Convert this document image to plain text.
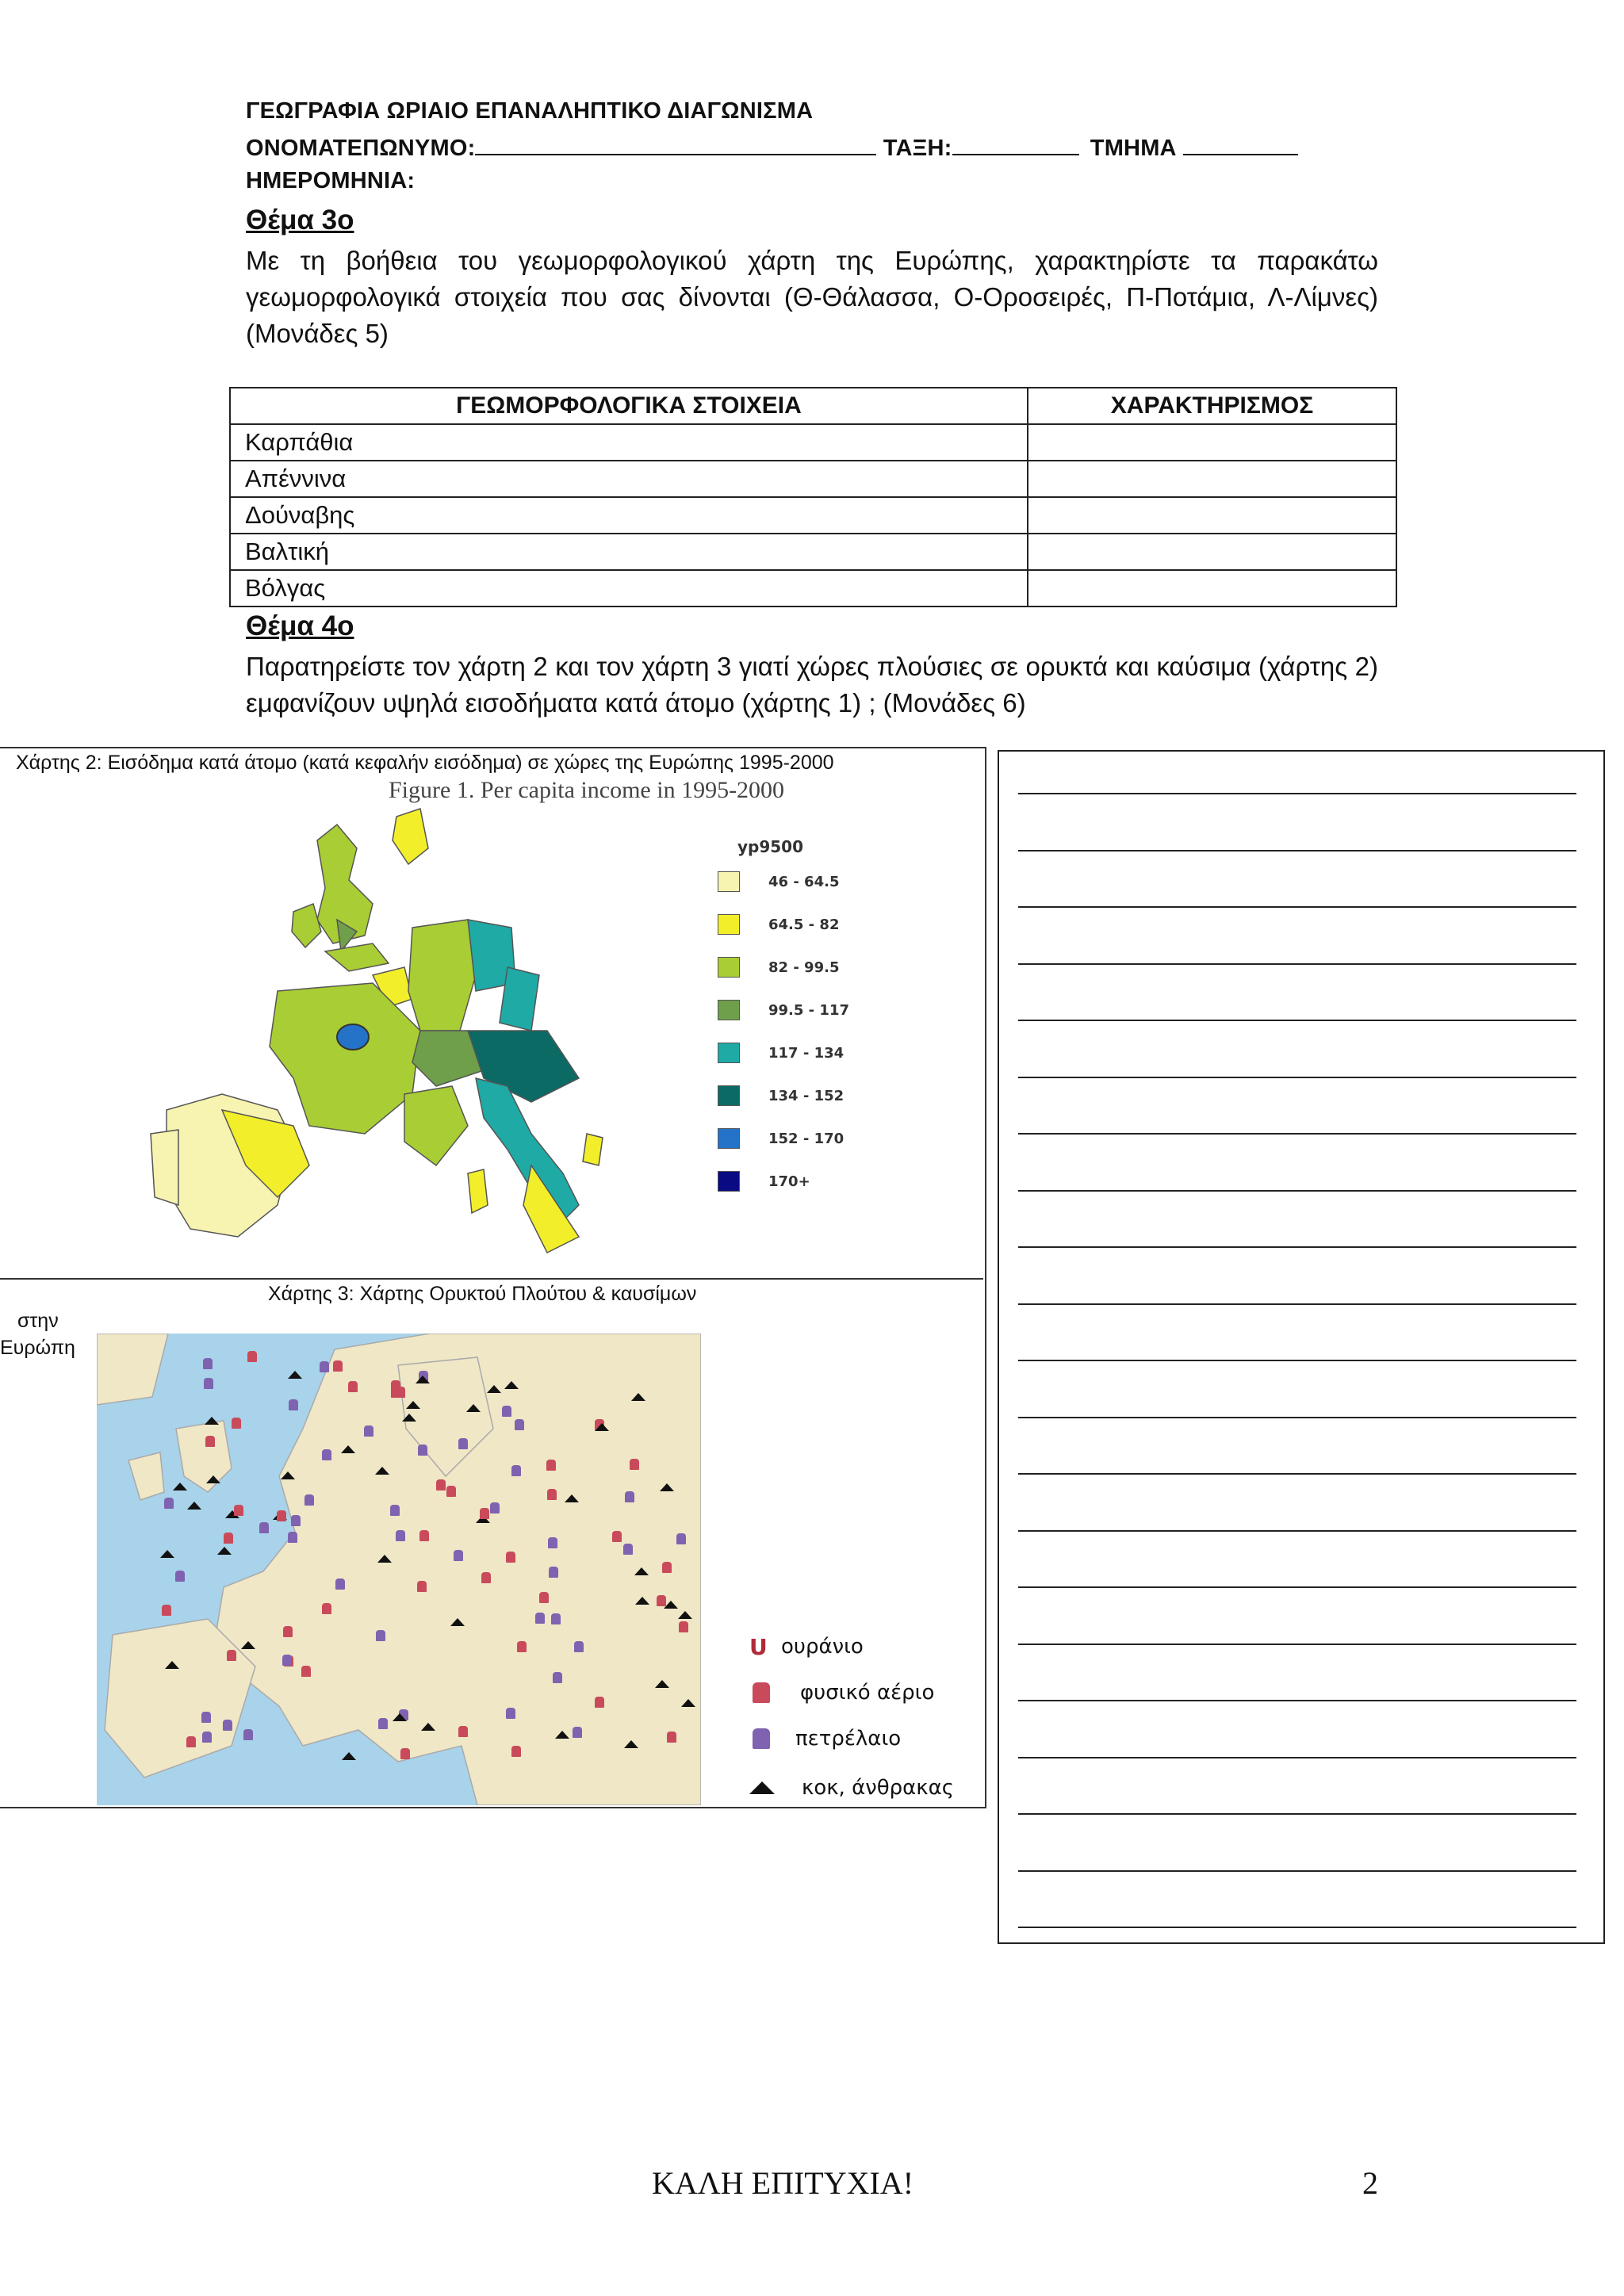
ΓΕΩΓΡΑΦΙΑ ΩΡΙΑΙΟ ΕΠΑΝΑΛΗΠΤΙΚΟ ΔΙΑΓΩΝΙΣΜΑ
ΟΝΟΜΑΤΕΠΩΝΥΜΟ:	ΤΑΞΗ:	ΤΜΗΜΑ
ΗΜΕΡΟΜΗΝΙΑ:
Θέμα 3ο
Με τη βοήθεια του γεωμορφολογικού χάρτη της Ευρώπης, χαρακτηρίστε τα παρακάτω γεωμορφολογικά στοιχεία που σας δίνονται (Θ-Θάλασσα, Ο-Οροσειρές, Π-Ποτάμια, Λ-Λίμνες) (Μονάδες 5)
ΓΕΩΜΟΡΦΟΛΟΓΙΚΑ ΣΤΟΙΧΕΙΑ	ΧΑΡΑΚΤΗΡΙΣΜΟΣ
Καρπάθια	
Απέννινα	
Δούναβης	
Βαλτική	
Βόλγας	
Θέμα 4ο
Παρατηρείστε τον χάρτη 2 και τον χάρτη 3 γιατί χώρες πλούσιες σε ορυκτά και καύσιμα (χάρτης 2) εμφανίζουν υψηλά εισοδήματα κατά άτομο (χάρτης 1) ; (Μονάδες 6)
Χάρτης 2: Εισόδημα κατά άτομο (κατά κεφαλήν εισόδημα) σε χώρες της Ευρώπης 1995-2000
Figure 1. Per capita income in 1995-2000
yp9500
46 - 64.5
64.5 - 82
82 - 99.5
99.5 - 117
117 - 134
134 - 152
152 - 170
170+
Χάρτης 3: Χάρτης Ορυκτού Πλούτου & καυσίμων
στην
Ευρώπη
U ουράνιο
φυσικό αέριο
πετρέλαιο
κοκ, άνθρακας
ΚΑΛΗ ΕΠΙΤΥΧΙΑ!	2
